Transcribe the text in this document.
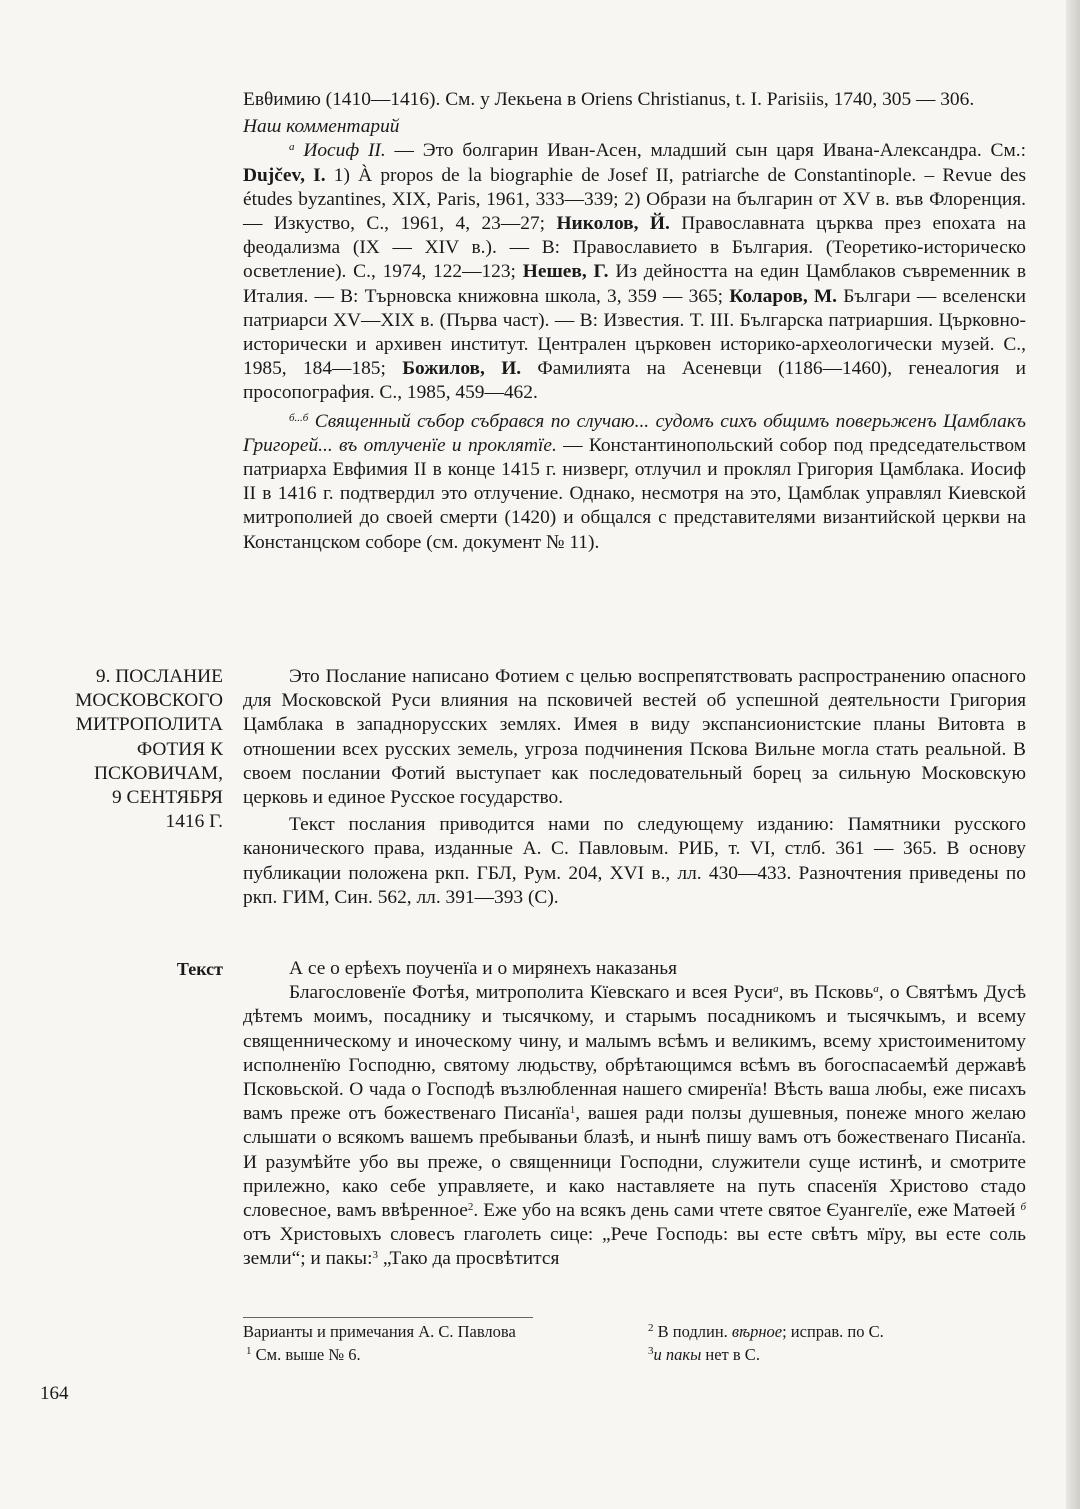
Евθимию (1410—1416). См. у Лекьена в Oriens Christianus, t. I. Parisiis, 1740, 305 — 306.

Наш комментарий

$^а$ Иосиф II. — Это болгарин Иван-Асен, младший сын царя Ивана-Александра. См.: Dujčev, I. 1) À propos de la biographie de Josef II, patriarche de Constantinople. – Revue des études byzantines, XIX, Paris, 1961, 333—339; 2) Образи на българин от XV в. във Флоренция. — Изкуство, С., 1961, 4, 23—27; Николов, Й. Православната църква през епохата на феодализма (IX — XIV в.). — В: Православието в България. (Теоретико-историческо осветление). С., 1974, 122—123; Нешев, Г. Из дейността на един Цамблаков съвременник в Италия. — В: Търновска книжовна школа, 3, 359 — 365; Коларов, М. Българи — вселенски патриарси XV—XIX в. (Първа част). — В: Известия. Т. III. Българска патриаршия. Църковно-исторически и архивен институт. Централен църковен историко-археологически музей. С., 1985, 184—185; Божилов, И. Фамилията на Асеневци (1186—1460), генеалогия и просопография. С., 1985, 459—462.

$^{б...б}$ Священный събор събрався по случаю... судомъ сихъ общимъ поверьженъ Цамблакъ Григорей... въ отлученїе и проклятїе. — Константинопольский собор под председательством патриарха Евфимия II в конце 1415 г. низверг, отлучил и проклял Григория Цамблака. Иосиф II в 1416 г. подтвердил это отлучение. Однако, несмотря на это, Цамблак управлял Киевской митрополией до своей смерти (1420) и общался с представителями византийской церкви на Констанцском соборе (см. документ № 11).

9. ПОСЛАНИЕ
МОСКОВСКОГО
МИТРОПОЛИТА
ФОТИЯ К
ПСКОВИЧАМ,
9 СЕНТЯБРЯ
1416 Г.

Это Послание написано Фотием с целью воспрепятствовать распространению опасного для Московской Руси влияния на псковичей вестей об успешной деятельности Григория Цамблака в западнорусских землях. Имея в виду экспансионистские планы Витовта в отношении всех русских земель, угроза подчинения Пскова Вильне могла стать реальной. В своем послании Фотий выступает как последовательный борец за сильную Московскую церковь и единое Русское государство.

Текст послания приводится нами по следующему изданию: Памятники русского канонического права, изданные А. С. Павловым. РИБ, т. VI, стлб. 361 — 365. В основу публикации положена ркп. ГБЛ, Рум. 204, XVI в., лл. 430—433. Разночтения приведены по ркп. ГИМ, Син. 562, лл. 391—393 (С).

Текст	А се о ерѣехъ поученїа и о мирянехъ наказанья

Благословенїе Фотѣя, митрополита Кїевскаго и всея Руси$^а$, въ Псковь$^а$, о Святѣмъ Дусѣ дѣтемъ моимъ, посаднику и тысячкому, и старымъ посадникомъ и тысячкымъ, и всему священническому и иноческому чину, и малымъ всѣмъ и великимъ, всему христоименитому исполненїю Господню, святому людьству, обрѣтающимся всѣмъ въ богоспасаемѣй державѣ Псковьской. О чада о Господѣ възлюбленная нашего смиренїа! Вѣсть ваша любы, еже писахъ вамъ преже отъ божественаго Писанїа$^1$, вашея ради ползы душевныя, понеже много желаю слышати о всякомъ вашемъ пребываньи блазѣ, и нынѣ пишу вамъ отъ божественаго Писанїа. И разумѣйте убо вы преже, о священници Господни, служители суще истинѣ, и смотрите прилежно, како себе управляете, и како наставляете на путь спасенїя Христово стадо словесное, вамъ ввѣренное$^2$. Еже убо на всякъ день сами чтете святое Єуангелїе, еже Матѳей $^б$ отъ Христовыхъ словесъ глаголеть сице: „Рече Господь: вы есте свѣтъ мїру, вы есте соль земли“; и пакы:$^3$ „Тако да просвѣтится

Варианты и примечания А. С. Павлова
$^1$ См. выше № 6.
$^2$ В подлин. вѣрное; исправ. по С.
$^3$и пакы нет в С.
164
